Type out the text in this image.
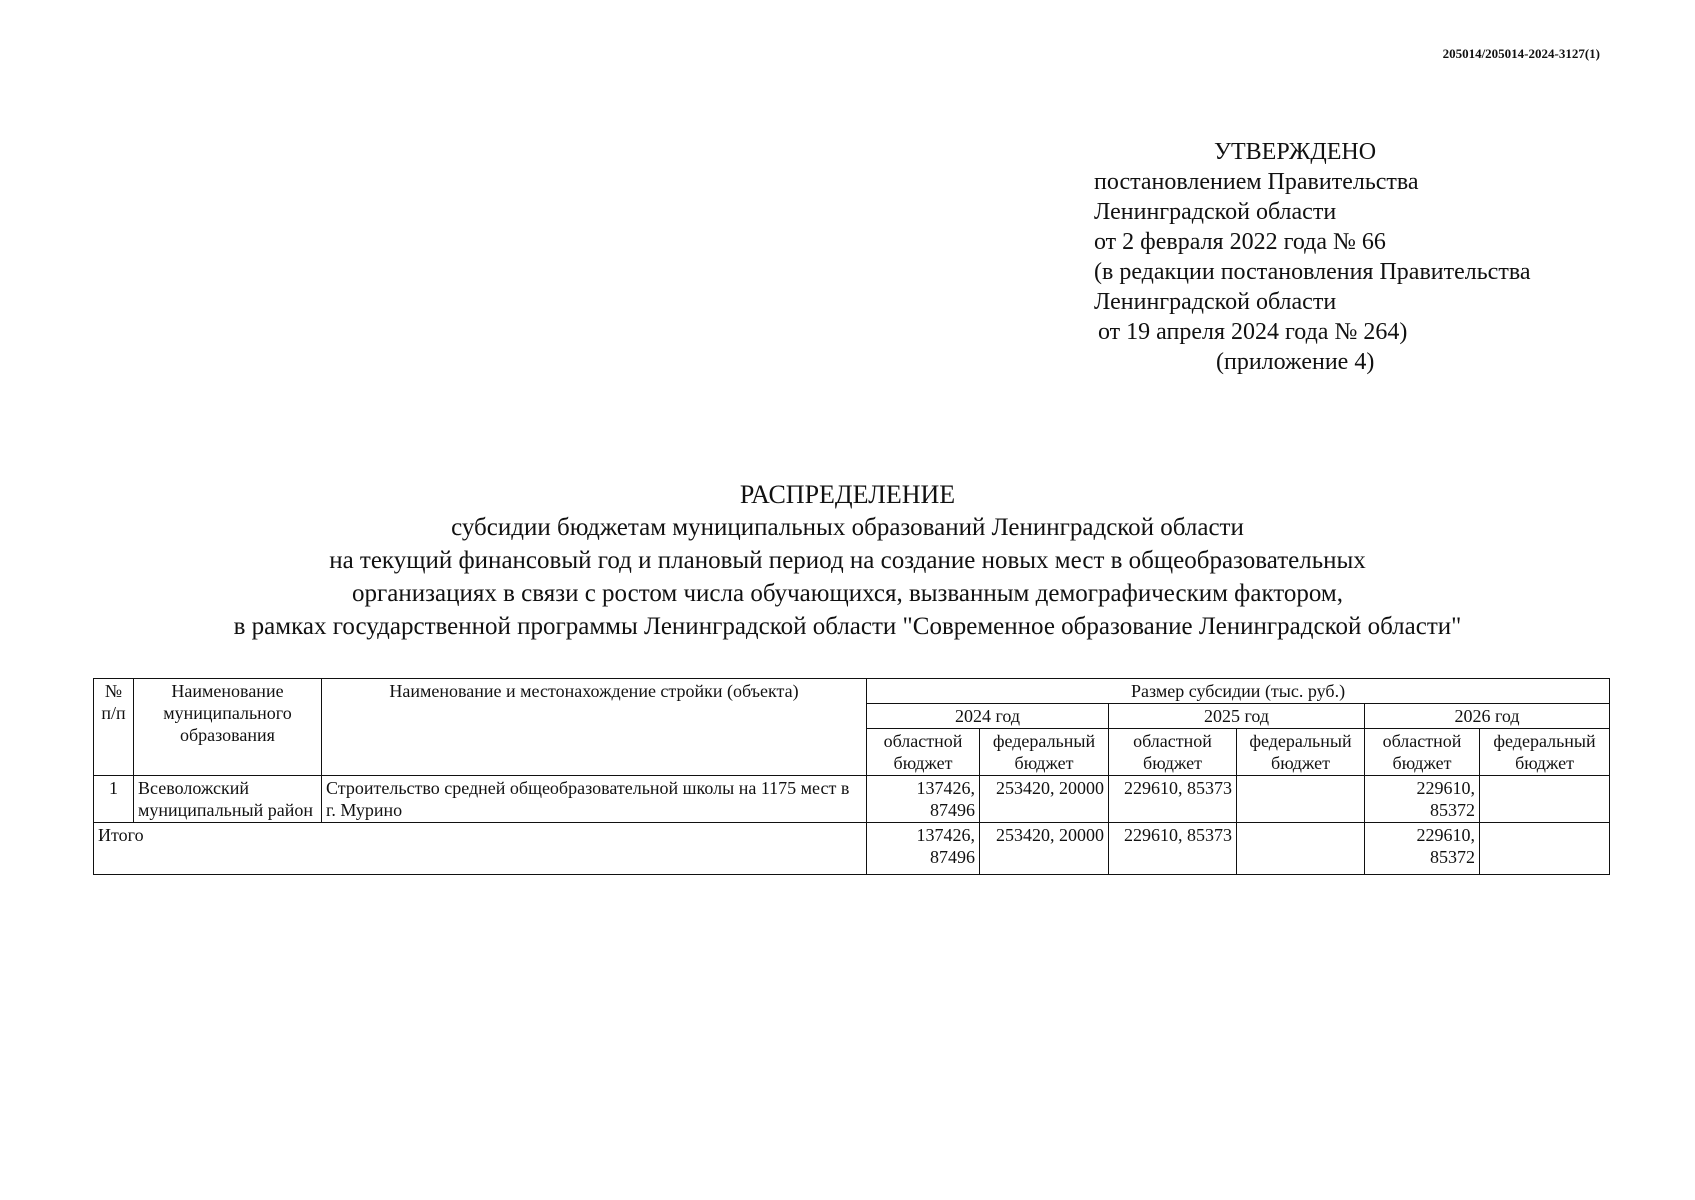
205014/205014-2024-3127(1)
УТВЕРЖДЕНО
постановлением Правительства
Ленинградской области
от 2 февраля 2022 года № 66
(в редакции постановления Правительства
Ленинградской области
от 19 апреля 2024 года № 264)
(приложение 4)
РАСПРЕДЕЛЕНИЕ
субсидии бюджетам муниципальных образований Ленинградской области
на текущий финансовый год и плановый период на создание новых мест в общеобразовательных
организациях в связи с ростом числа обучающихся, вызванным демографическим фактором,
в рамках государственной программы Ленинградской области "Современное образование Ленинградской области"
№ п/п	Наименование муниципального образования	Наименование и местонахождение стройки (объекта)	Размер субсидии (тыс. руб.)					
			2024 год		2025 год		2026 год	
			областной бюджет	федеральный бюджет	областной бюджет	федеральный бюджет	областной бюджет	федеральный бюджет
1	Всеволожский муниципальный район	Строительство средней общеобразовательной школы на 1175 мест в г. Мурино	137426, 87496	253420, 20000	229610, 85373		229610, 85372	
Итого			137426, 87496	253420, 20000	229610, 85373		229610, 85372	
